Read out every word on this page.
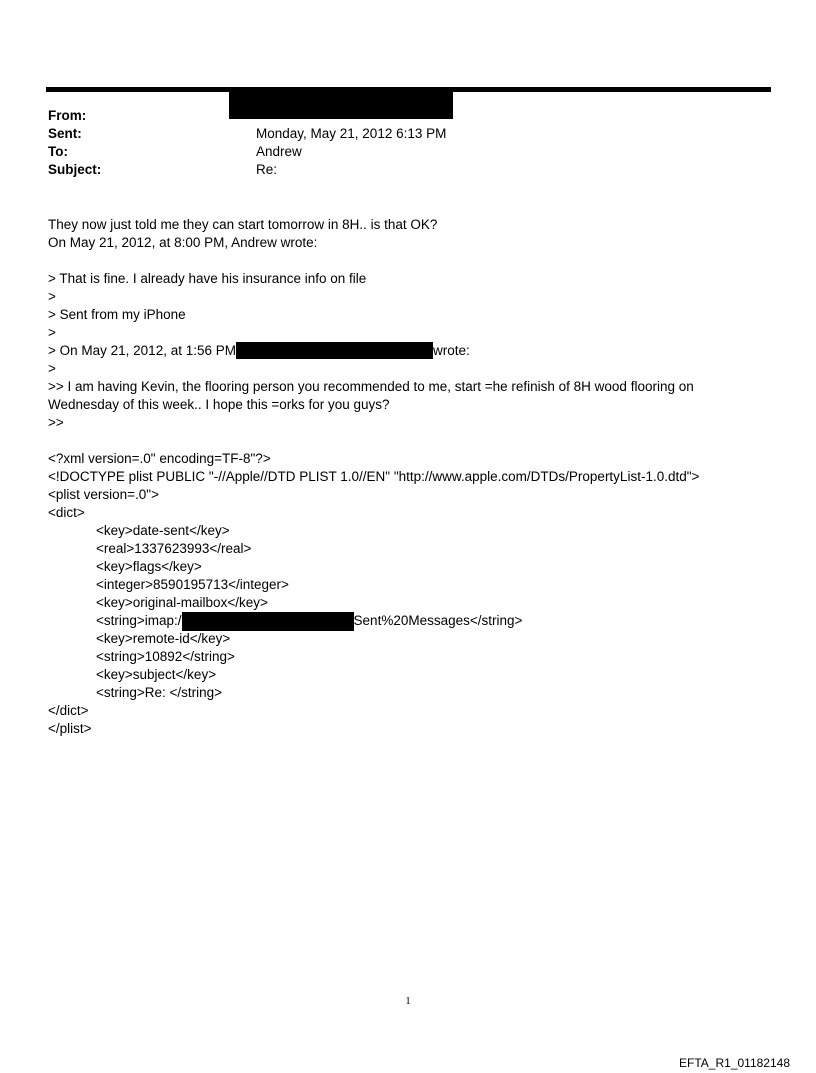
From:
Sent:	Monday, May 21, 2012 6:13 PM
To:	Andrew
Subject:	Re:
They now just told me they can start tomorrow in 8H.. is that OK?
On May 21, 2012, at 8:00 PM, Andrew wrote:
> That is fine. I already have his insurance info on file
>
> Sent from my iPhone
>
> On May 21, 2012, at 1:56 PM	wrote:
>
>> I am having Kevin, the flooring person you recommended to me, start =he refinish of 8H wood flooring on Wednesday of this week.. I hope this =orks for you guys?
>>
<?xml version=.0" encoding=TF-8"?>
<!DOCTYPE plist PUBLIC "-//Apple//DTD PLIST 1.0//EN" "http://www.apple.com/DTDs/PropertyList-1.0.dtd">
<plist version=.0">
<dict>
<key>date-sent</key>
<real>1337623993</real>
<key>flags</key>
<integer>8590195713</integer>
<key>original-mailbox</key>
<string>imap:/	Sent%20Messages</string>
<key>remote-id</key>
<string>10892</string>
<key>subject</key>
<string>Re: </string>
</dict>
</plist>
1
EFTA_R1_01182148
